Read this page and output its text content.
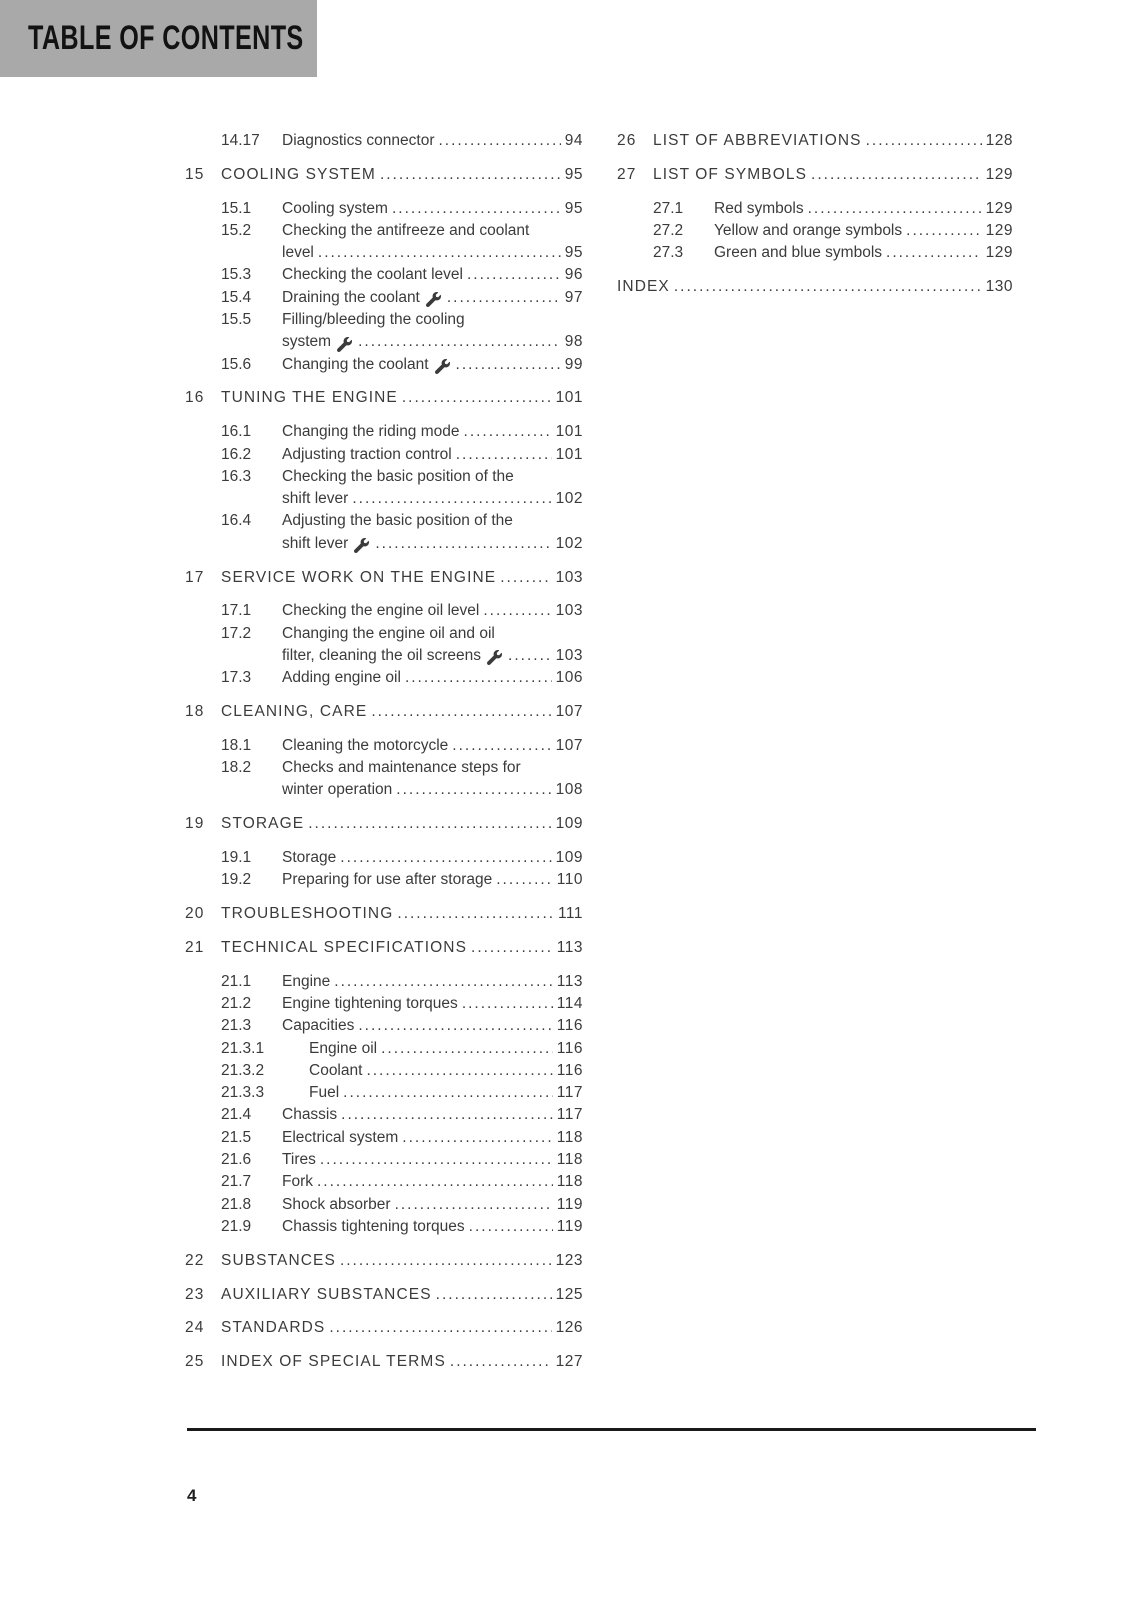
TABLE OF CONTENTS
14.17	Diagnostics connector .....	94
15	COOLING SYSTEM .....	95
15.1	Cooling system .....	95
15.2	Checking the antifreeze and coolant
level .....	95
15.3	Checking the coolant level .....	96
15.4	Draining the coolant .....	97
15.5	Filling/bleeding the cooling
system .....	98
15.6	Changing the coolant .....	99
16	TUNING THE ENGINE .....	101
16.1	Changing the riding mode .....	101
16.2	Adjusting traction control .....	101
16.3	Checking the basic position of the
shift lever .....	102
16.4	Adjusting the basic position of the
shift lever .....	102
17	SERVICE WORK ON THE ENGINE .....	103
17.1	Checking the engine oil level .....	103
17.2	Changing the engine oil and oil
filter, cleaning the oil screens .....	103
17.3	Adding engine oil .....	106
18	CLEANING, CARE .....	107
18.1	Cleaning the motorcycle .....	107
18.2	Checks and maintenance steps for
winter operation .....	108
19	STORAGE .....	109
19.1	Storage .....	109
19.2	Preparing for use after storage .....	110
20	TROUBLESHOOTING .....	111
21	TECHNICAL SPECIFICATIONS .....	113
21.1	Engine .....	113
21.2	Engine tightening torques .....	114
21.3	Capacities .....	116
21.3.1	Engine oil .....	116
21.3.2	Coolant .....	116
21.3.3	Fuel .....	117
21.4	Chassis .....	117
21.5	Electrical system .....	118
21.6	Tires .....	118
21.7	Fork .....	118
21.8	Shock absorber .....	119
21.9	Chassis tightening torques .....	119
22	SUBSTANCES .....	123
23	AUXILIARY SUBSTANCES .....	125
24	STANDARDS .....	126
25	INDEX OF SPECIAL TERMS .....	127
26	LIST OF ABBREVIATIONS .....	128
27	LIST OF SYMBOLS .....	129
27.1	Red symbols .....	129
27.2	Yellow and orange symbols .....	129
27.3	Green and blue symbols .....	129
INDEX .....	130
4
